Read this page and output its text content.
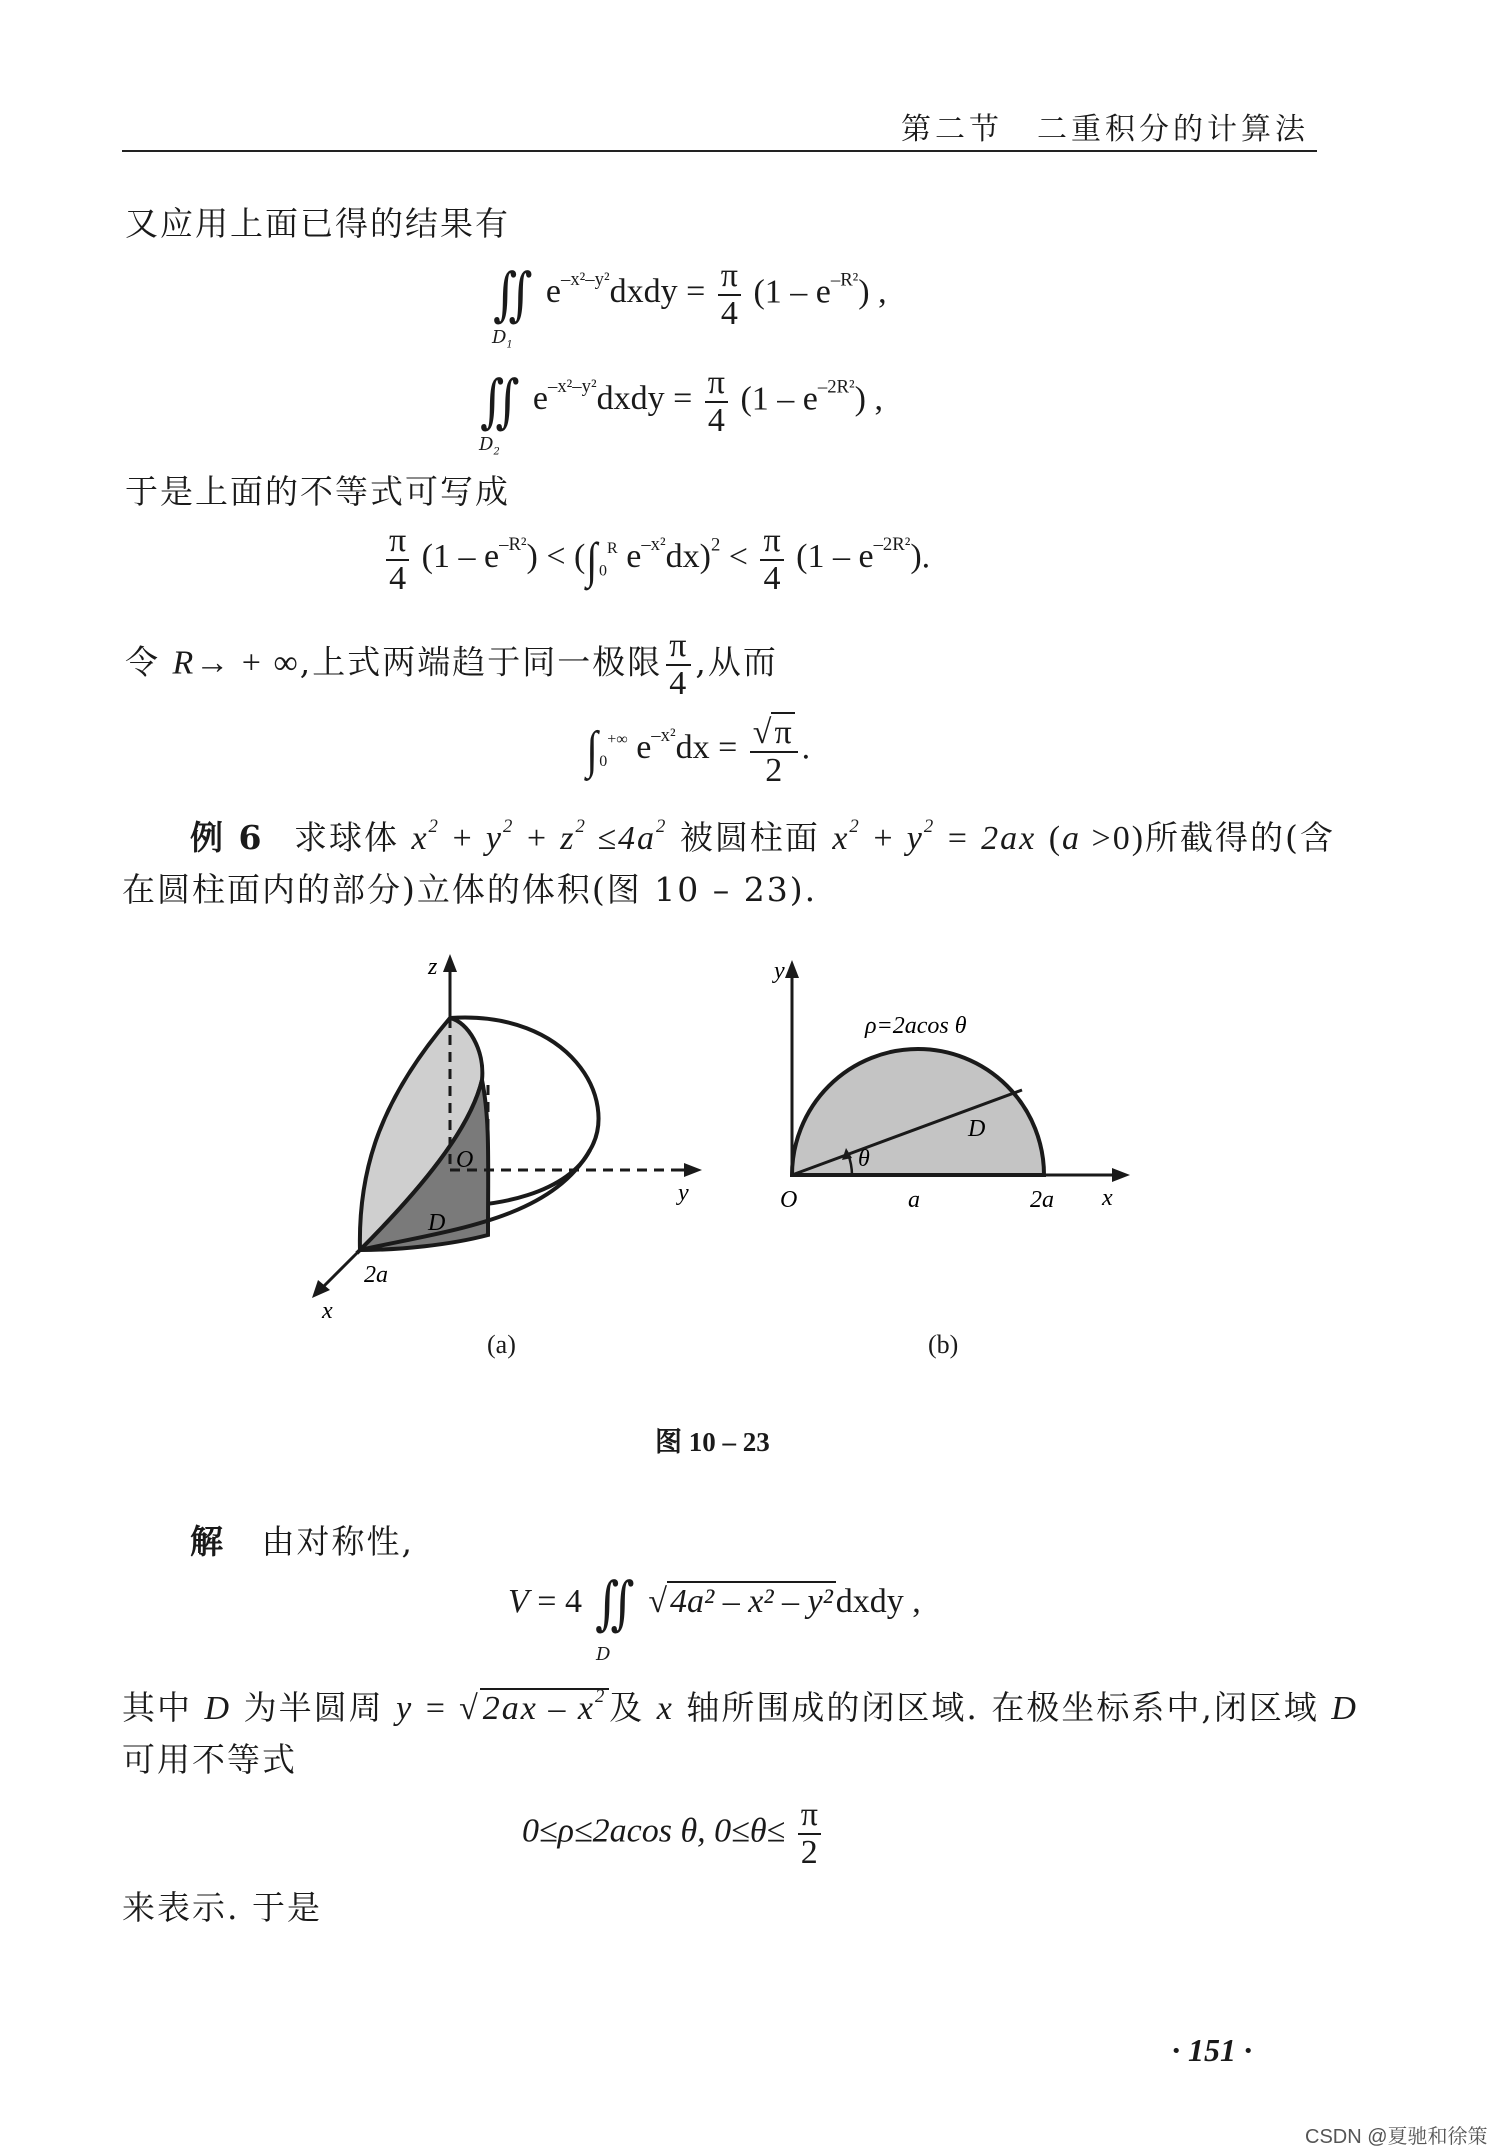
第二节　二重积分的计算法
又应用上面已得的结果有
∬ $e^{-x^2-y^2}dxdy = \frac{\pi}{4} (1 - e^{-R^2})$ ,
$D_1$
∬ $e^{-x^2-y^2}dxdy = \frac{\pi}{4} (1 - e^{-2R^2})$ ,
$D_2$
于是上面的不等式可写成
$\frac{\pi}{4} (1 - e^{-R^2}) < (\int_0^R$ $e^{-x^2}dx)^2 < \frac{\pi}{4} (1 - e^{-2R^2})$.
令 R→ + ∞,上式两端趋于同一极限 $\frac{\pi}{4}$ ,从而
$\int_0^{+\infty}$ $e^{-x^2}dx = \frac{√\pi}{2}$ .
例 6 求球体 $x^2 + y^2 + z^2 \le 4a^2$ 被圆柱面 $x^2 + y^2 = 2ax$ (a >0)所截得的(含
在圆柱面内的部分)立体的体积(图 10 – 23).
z
y
x
O
D
2a
(a)
y
x
O	a	2a
D
θ
ρ=2acos θ
(b)
图 10 – 23
解 由对称性,
V = 4 ∬ √4a² – x² – y²dxdy ,
D
其中 D 为半圆周 $y = √2ax - x^2$及 x 轴所围成的闭区域. 在极坐标系中,闭区域 D
可用不等式
0≤ρ≤2acos θ, $0\le\theta\le \frac{\pi}{2}$
来表示. 于是
· 151 ·
CSDN @夏驰和徐策
